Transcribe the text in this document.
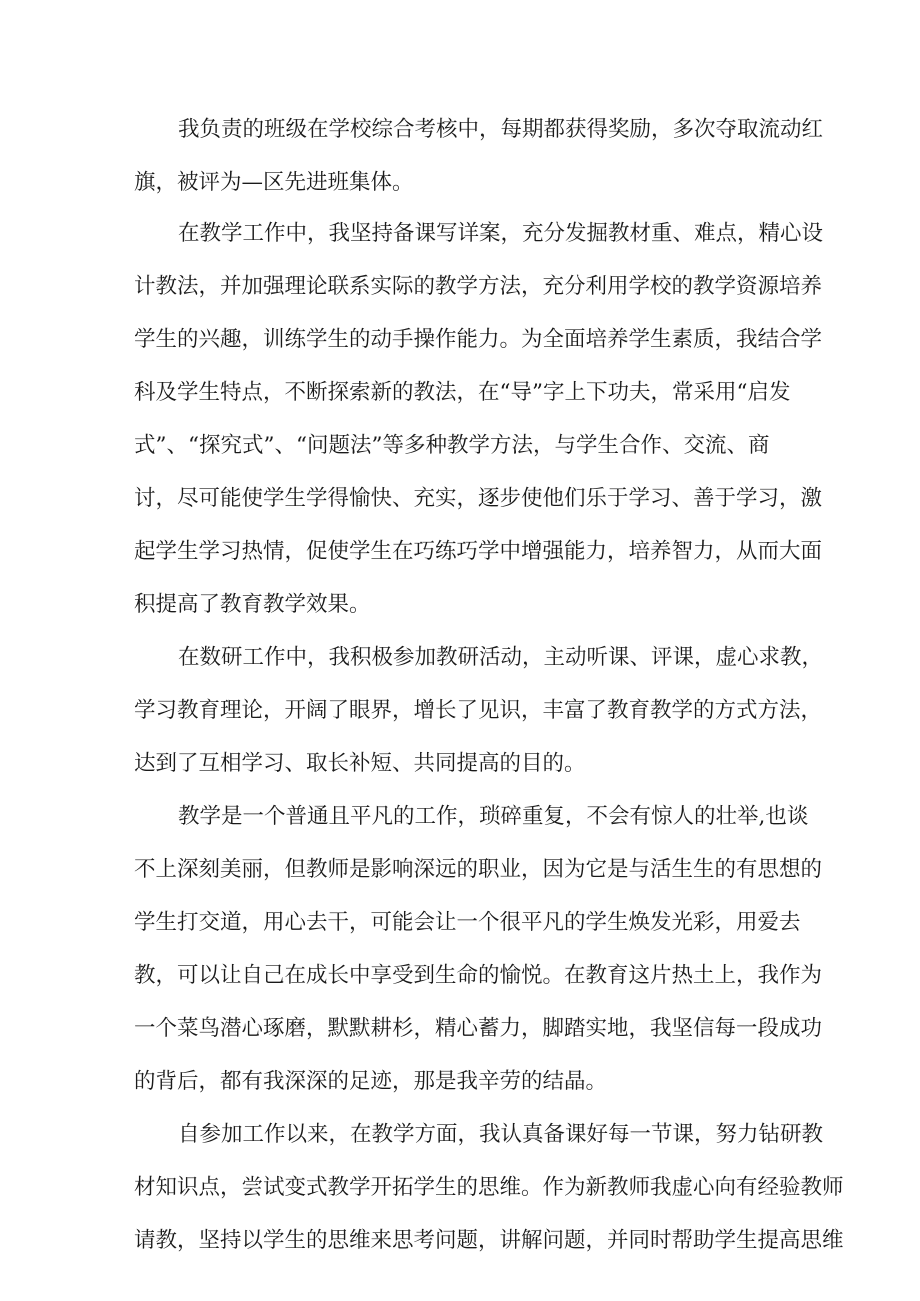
我负责的班级在学校综合考核中，每期都获得奖励，多次夺取流动红
旗，被评为—区先进班集体。
在教学工作中，我坚持备课写详案，充分发掘教材重、难点，精心设
计教法，并加强理论联系实际的教学方法，充分利用学校的教学资源培养
学生的兴趣，训练学生的动手操作能力。为全面培养学生素质，我结合学
科及学生特点，不断探索新的教法，在“导”字上下功夫，常采用“启发
式”、“探究式”、“问题法”等多种教学方法，与学生合作、交流、商
讨，尽可能使学生学得愉快、充实，逐步使他们乐于学习、善于学习，激
起学生学习热情，促使学生在巧练巧学中增强能力，培养智力，从而大面
积提高了教育教学效果。
在数研工作中，我积极参加教研活动，主动听课、评课，虚心求教，
学习教育理论，开阔了眼界，增长了见识，丰富了教育教学的方式方法，
达到了互相学习、取长补短、共同提高的目的。
教学是一个普通且平凡的工作，琐碎重复，不会有惊人的壮举,也谈
不上深刻美丽，但教师是影响深远的职业，因为它是与活生生的有思想的
学生打交道，用心去干，可能会让一个很平凡的学生焕发光彩，用爱去
教，可以让自己在成长中享受到生命的愉悦。在教育这片热土上，我作为
一个菜鸟潜心琢磨，默默耕杉，精心蓄力，脚踏实地，我坚信每一段成功
的背后，都有我深深的足迹，那是我辛劳的结晶。
自参加工作以来，在教学方面，我认真备课好每一节课，努力钻研教
材知识点，尝试变式教学开拓学生的思维。作为新教师我虚心向有经验教师
请教，坚持以学生的思维来思考问题，讲解问题，并同时帮助学生提高思维
